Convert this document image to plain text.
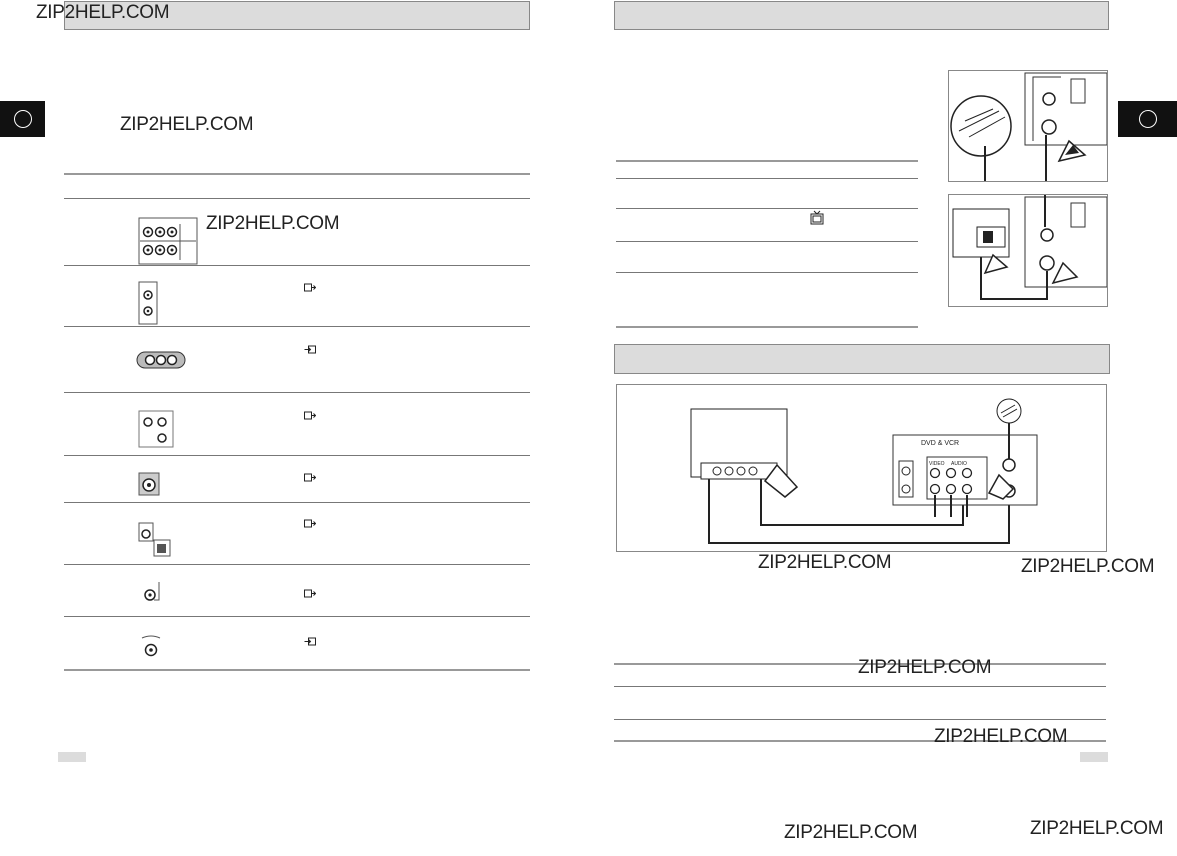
ZIP2HELP.COM
ZIP2HELP.COM
ZIP2HELP.COM
DVD & VCR
VIDEO AUDIO
ZIP2HELP.COM	ZIP2HELP.COM
ZIP2HELP.COM
ZIP2HELP.COM
ZIP2HELP.COM	ZIP2HELP.COM
